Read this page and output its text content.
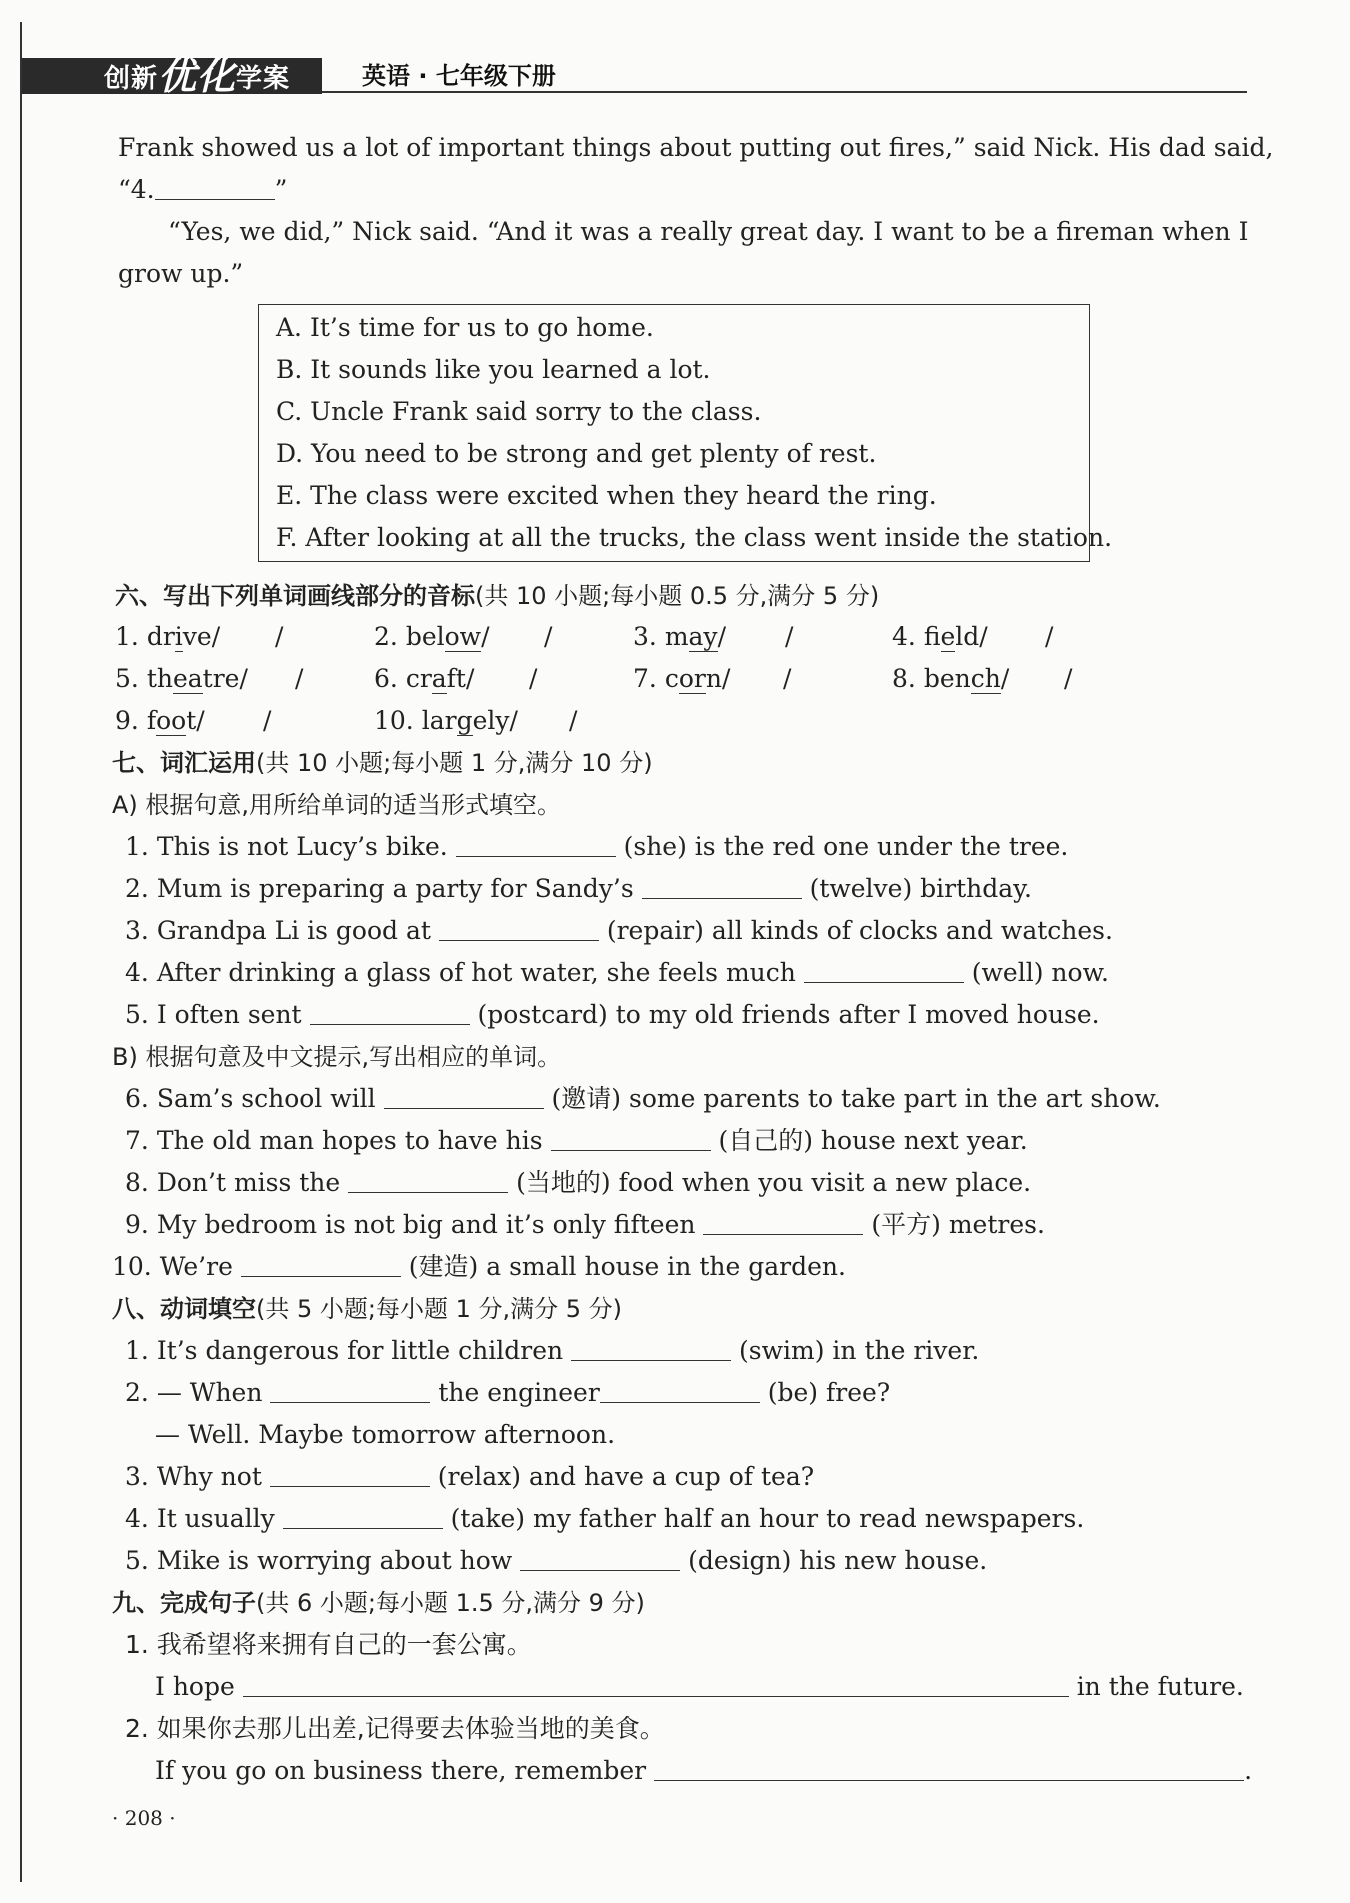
创新优化学案	英语 · 七年级下册
Frank showed us a lot of important things about putting out fires,” said Nick. His dad said,
“4.	”
“Yes, we did,” Nick said. “And it was a really great day. I want to be a fireman when I
grow up.”
A. It’s time for us to go home.
B. It sounds like you learned a lot.
C. Uncle Frank said sorry to the class.
D. You need to be strong and get plenty of rest.
E. The class were excited when they heard the ring.
F. After looking at all the trucks, the class went inside the station.
六、写出下列单词画线部分的音标(共 10 小题;每小题 0.5 分,满分 5 分)
1. drive/ /	2. below/ /	3. may/ /	4. field/ /
5. theatre/ /	6. craft/ /	7. corn/ /	8. bench/ /
9. foot/ /	10. largely/ /
七、词汇运用(共 10 小题;每小题 1 分,满分 10 分)
A) 根据句意,用所给单词的适当形式填空。
1. This is not Lucy’s bike.	(she) is the red one under the tree.
2. Mum is preparing a party for Sandy’s	(twelve) birthday.
3. Grandpa Li is good at	(repair) all kinds of clocks and watches.
4. After drinking a glass of hot water, she feels much	(well) now.
5. I often sent	(postcard) to my old friends after I moved house.
B) 根据句意及中文提示,写出相应的单词。
6. Sam’s school will	(邀请) some parents to take part in the art show.
7. The old man hopes to have his	(自己的) house next year.
8. Don’t miss the	(当地的) food when you visit a new place.
9. My bedroom is not big and it’s only fifteen	(平方) metres.
10. We’re	(建造) a small house in the garden.
八、动词填空(共 5 小题;每小题 1 分,满分 5 分)
1. It’s dangerous for little children	(swim) in the river.
2. — When	the engineer	(be) free?
— Well. Maybe tomorrow afternoon.
3. Why not	(relax) and have a cup of tea?
4. It usually	(take) my father half an hour to read newspapers.
5. Mike is worrying about how	(design) his new house.
九、完成句子(共 6 小题;每小题 1.5 分,满分 9 分)
1. 我希望将来拥有自己的一套公寓。
I hope	in the future.
2. 如果你去那儿出差,记得要去体验当地的美食。
If you go on business there, remember	.
· 208 ·
